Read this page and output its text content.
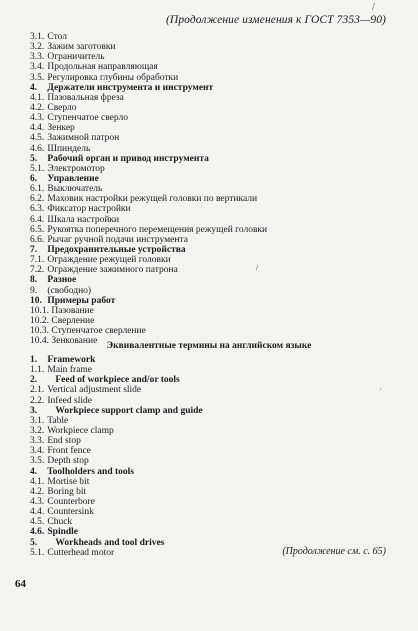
(Продолжение изменения к ГОСТ 7353—90)
3.1. Стол
3.2. Зажим заготовки
3.3. Ограничитель
3.4. Продольная направляющая
3.5. Регулировка глубины обработки
4. Держатели инструмента и инструмент
4.1. Пазовальная фреза
4.2. Сверло
4.3. Ступенчатое сверло
4.4. Зенкер
4.5. Зажимной патрон
4.6. Шпиндель
5. Рабочий орган и привод инструмента
5.1. Электромотор
6. Управление
6.1. Выключатель
6.2. Маховик настройки режущей головки по вертикали
6.3. Фиксатор настройки
6.4. Шкала настройки
6.5. Рукоятка поперечного перемещения режущей головки
6.6. Рычаг ручной подачи инструмента
7. Предохранительные устройства
7.1. Ограждение режущей головки
7.2. Ограждение зажимного патрона
8. Разное
9. (свободно)
10. Примеры работ
10.1. Пазование
10.2. Сверление
10.3. Ступенчатое сверление
10.4. Зенкование Эквивалентные термины на английском языке
1. Framework
1.1. Main frame
2. Feed of workpiece and/or tools
2.1. Vertical adjustment slide
2.2. Infeed slide
3. Workpiece support clamp and guide
3.1. Table
3.2. Workpiece clamp
3.3. End stop
3.4. Front fence
3.5. Depth stop
4. Toolholders and tools
4.1. Mortise bit
4.2. Boring bit
4.3. Counterbore
4.4. Countersink
4.5. Chuck
4.6. Spindle
5. Workheads and tool drives
5.1. Cutterhead motor	(Продолжение см. с. 65)
64
/
/
,
